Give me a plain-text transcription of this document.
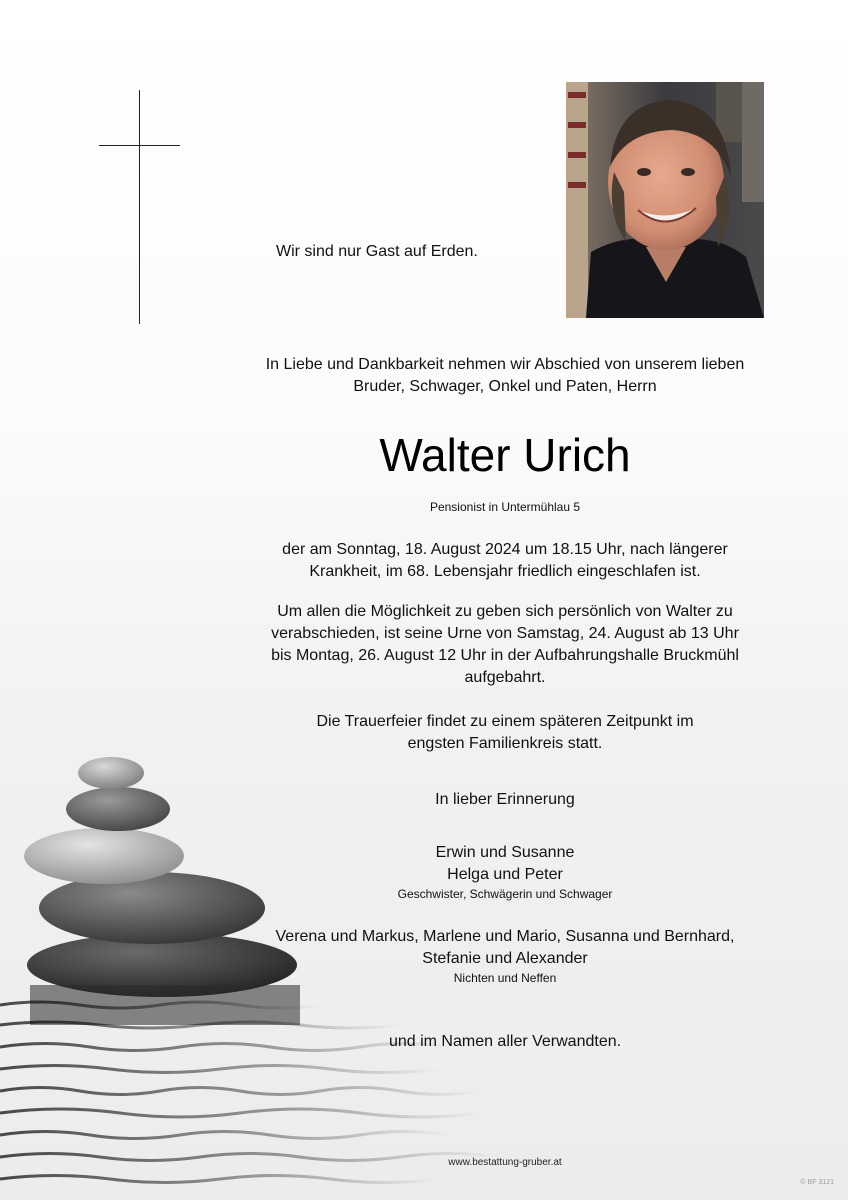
Wir sind nur Gast auf Erden.
In Liebe und Dankbarkeit nehmen wir Abschied von unserem lieben
Bruder, Schwager, Onkel und Paten, Herrn
Walter Urich
Pensionist in Untermühlau 5
der am Sonntag, 18. August 2024 um 18.15 Uhr, nach längerer
Krankheit, im 68. Lebensjahr friedlich eingeschlafen ist.
Um allen die Möglichkeit zu geben sich persönlich von Walter zu
verabschieden, ist seine Urne von Samstag, 24. August ab 13 Uhr
bis Montag, 26. August 12 Uhr in der Aufbahrungshalle Bruckmühl
aufgebahrt.
Die Trauerfeier findet zu einem späteren Zeitpunkt im
engsten Familienkreis statt.
In lieber Erinnerung
Erwin und Susanne
Helga und Peter
Geschwister, Schwägerin und Schwager
Verena und Markus, Marlene und Mario, Susanna und Bernhard,
Stefanie und Alexander
Nichten und Neffen
und im Namen aller Verwandten.
www.bestattung-gruber.at
© BF 3121
